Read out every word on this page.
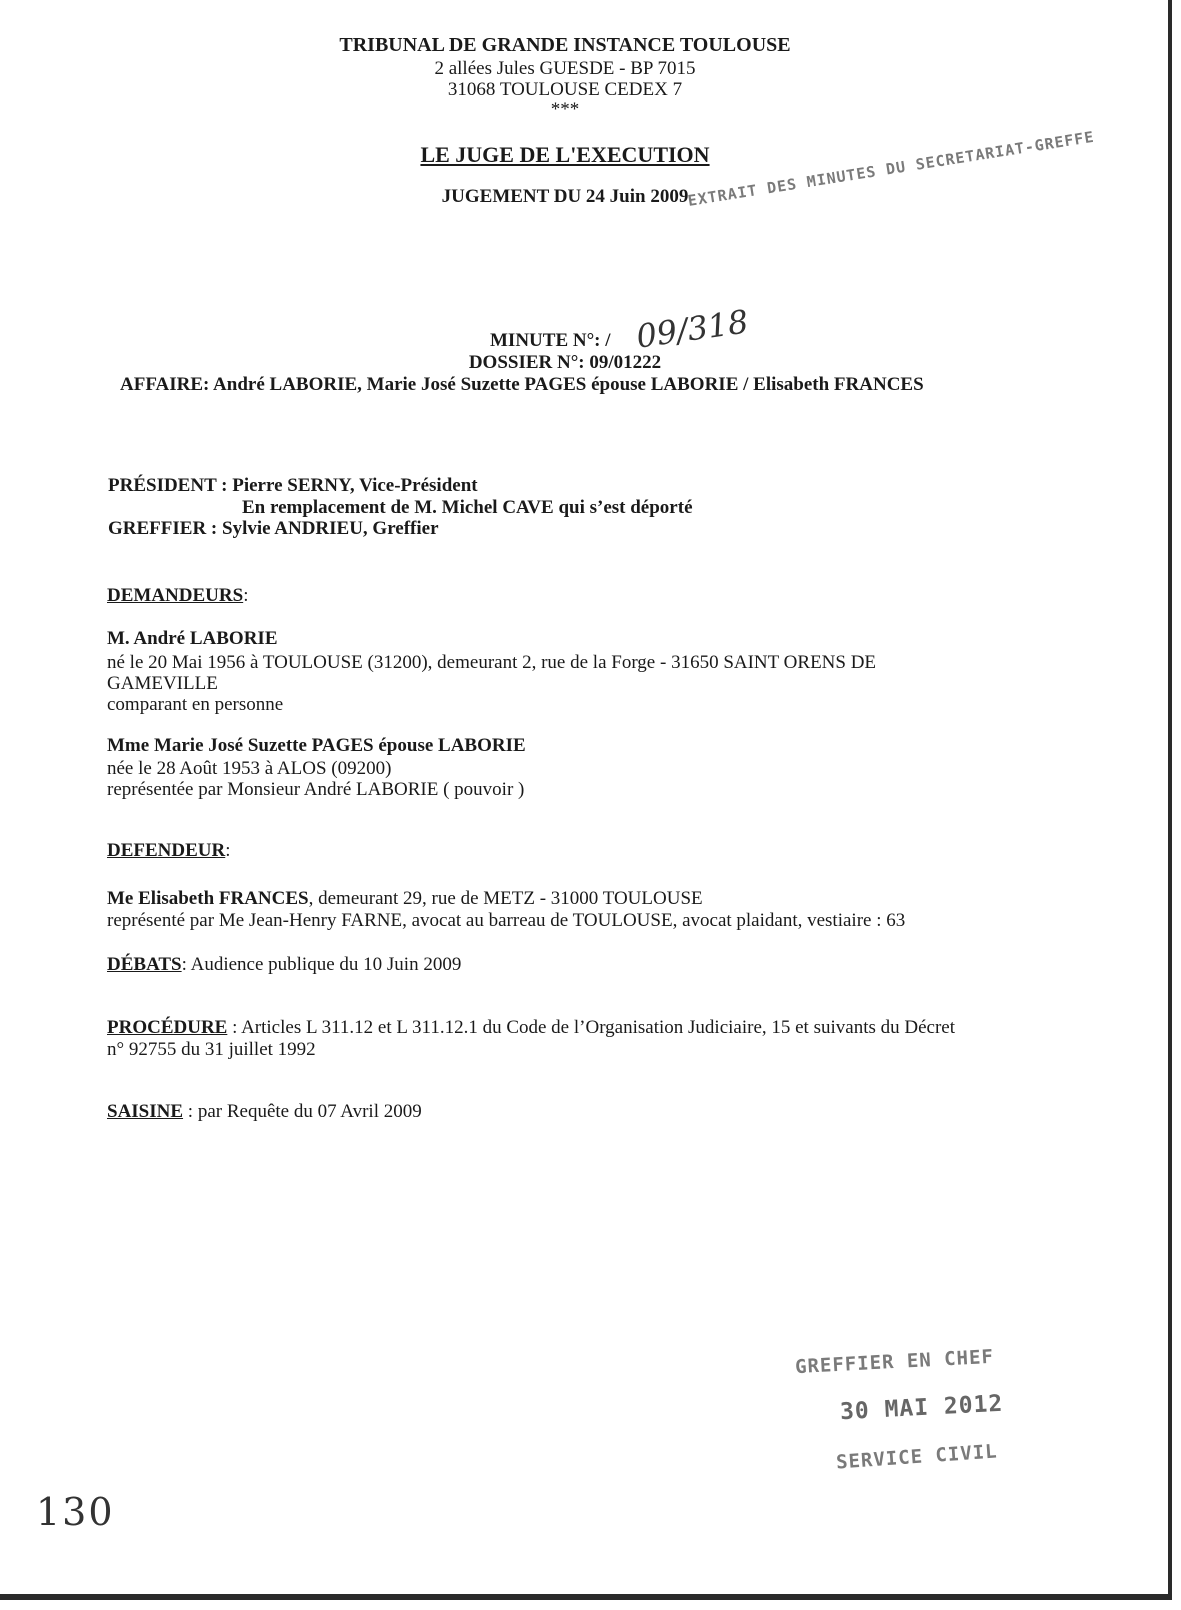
TRIBUNAL DE GRANDE INSTANCE TOULOUSE
2 allées Jules GUESDE - BP 7015
31068 TOULOUSE CEDEX 7
***
LE JUGE DE L'EXECUTION
JUGEMENT DU 24 Juin 2009
EXTRAIT DES MINUTES DU SECRETARIAT-GREFFE
MINUTE N°: / 09/318
DOSSIER N°: 09/01222
AFFAIRE: André LABORIE, Marie José Suzette PAGES épouse LABORIE / Elisabeth FRANCES
PRÉSIDENT : Pierre SERNY, Vice-Président
En remplacement de M. Michel CAVE qui s’est déporté
GREFFIER : Sylvie ANDRIEU, Greffier
DEMANDEURS:
M. André LABORIE
né le 20 Mai 1956 à TOULOUSE (31200), demeurant 2, rue de la Forge - 31650 SAINT ORENS DE
GAMEVILLE
comparant en personne
Mme Marie José Suzette PAGES épouse LABORIE
née le 28 Août 1953 à ALOS (09200)
représentée par Monsieur André LABORIE ( pouvoir )
DEFENDEUR:
Me Elisabeth FRANCES, demeurant 29, rue de METZ - 31000 TOULOUSE
représenté par Me Jean-Henry FARNE, avocat au barreau de TOULOUSE, avocat plaidant, vestiaire : 63
DÉBATS: Audience publique du 10 Juin 2009
PROCÉDURE : Articles L 311.12 et L 311.12.1 du Code de l’Organisation Judiciaire, 15 et suivants du Décret
n° 92755 du 31 juillet 1992
SAISINE : par Requête du 07 Avril 2009
GREFFIER EN CHEF
30 MAI 2012
SERVICE CIVIL
130
